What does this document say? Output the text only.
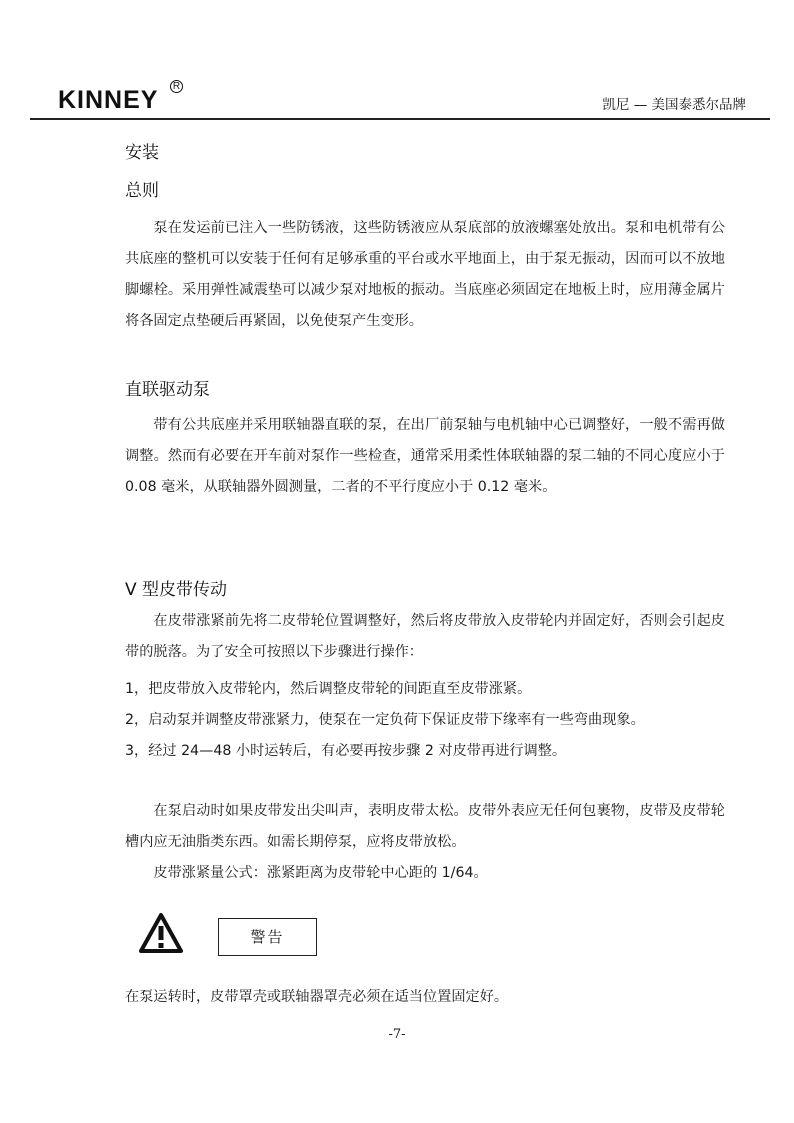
KINNEY R
凯尼 — 美国泰悉尔品牌
安装
总则

泵在发运前已注入一些防锈液，这些防锈液应从泵底部的放液螺塞处放出。泵和电机带有公共底座的整机可以安装于任何有足够承重的平台或水平地面上，由于泵无振动，因而可以不放地脚螺栓。采用弹性减震垫可以减少泵对地板的振动。当底座必须固定在地板上时，应用薄金属片将各固定点垫硬后再紧固，以免使泵产生变形。

直联驱动泵

带有公共底座并采用联轴器直联的泵，在出厂前泵轴与电机轴中心已调整好，一般不需再做调整。然而有必要在开车前对泵作一些检查，通常采用柔性体联轴器的泵二轴的不同心度应小于 0.08 毫米，从联轴器外圆测量，二者的不平行度应小于 0.12 毫米。

V 型皮带传动

在皮带涨紧前先将二皮带轮位置调整好，然后将皮带放入皮带轮内并固定好，否则会引起皮带的脱落。为了安全可按照以下步骤进行操作：

1，把皮带放入皮带轮内，然后调整皮带轮的间距直至皮带涨紧。

2，启动泵并调整皮带涨紧力，使泵在一定负荷下保证皮带下缘率有一些弯曲现象。

3，经过 24—48 小时运转后，有必要再按步骤 2 对皮带再进行调整。

在泵启动时如果皮带发出尖叫声，表明皮带太松。皮带外表应无任何包裹物，皮带及皮带轮槽内应无油脂类东西。如需长期停泵，应将皮带放松。

皮带涨紧量公式：涨紧距离为皮带轮中心距的 1/64。

警告
在泵运转时，皮带罩壳或联轴器罩壳必须在适当位置固定好。
-7-
